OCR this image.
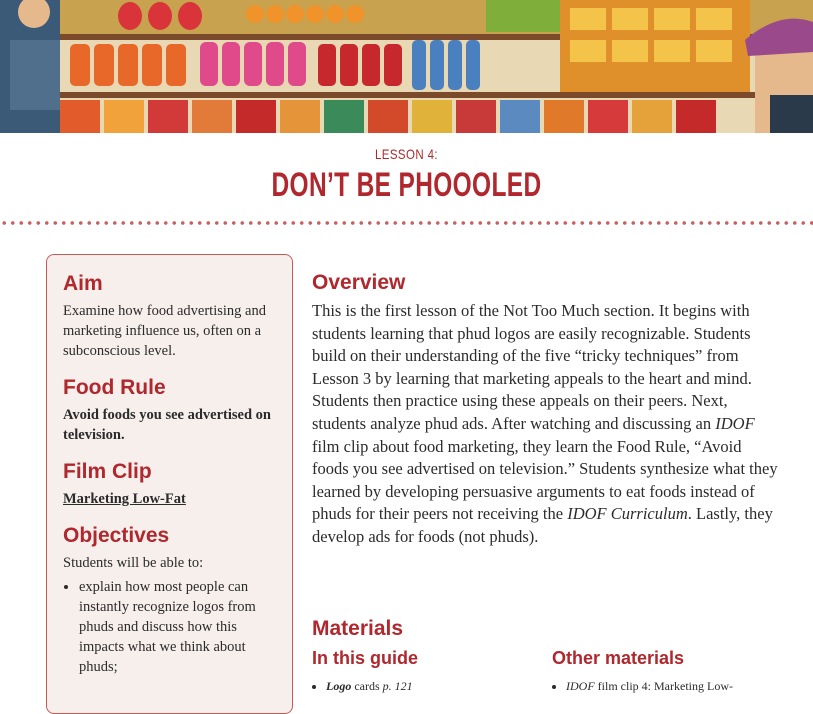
LESSON 4:
DON’T BE PHOOOLED
Aim

Examine how food advertising and marketing influence us, often on a subconscious level.

Food Rule

Avoid foods you see advertised on television.

Film Clip

Marketing Low-Fat

Objectives

Students will be able to:

• explain how most people can instantly recognize logos from phuds and discuss how this impacts what we think about phuds;
Overview

This is the first lesson of the Not Too Much section. It begins with students learning that phud logos are easily recognizable. Students build on their understanding of the five “tricky techniques” from Lesson 3 by learning that marketing appeals to the heart and mind. Students then practice using these appeals on their peers. Next, students analyze phud ads. After watching and discussing an IDOF film clip about food marketing, they learn the Food Rule, “Avoid foods you see advertised on television.” Students synthesize what they learned by developing persuasive arguments to eat foods instead of phuds for their peers not receiving the IDOF Curriculum. Lastly, they develop ads for foods (not phuds).

Materials
In this guide
• Logo cards p. 121
Other materials
• IDOF film clip 4: Marketing Low-
